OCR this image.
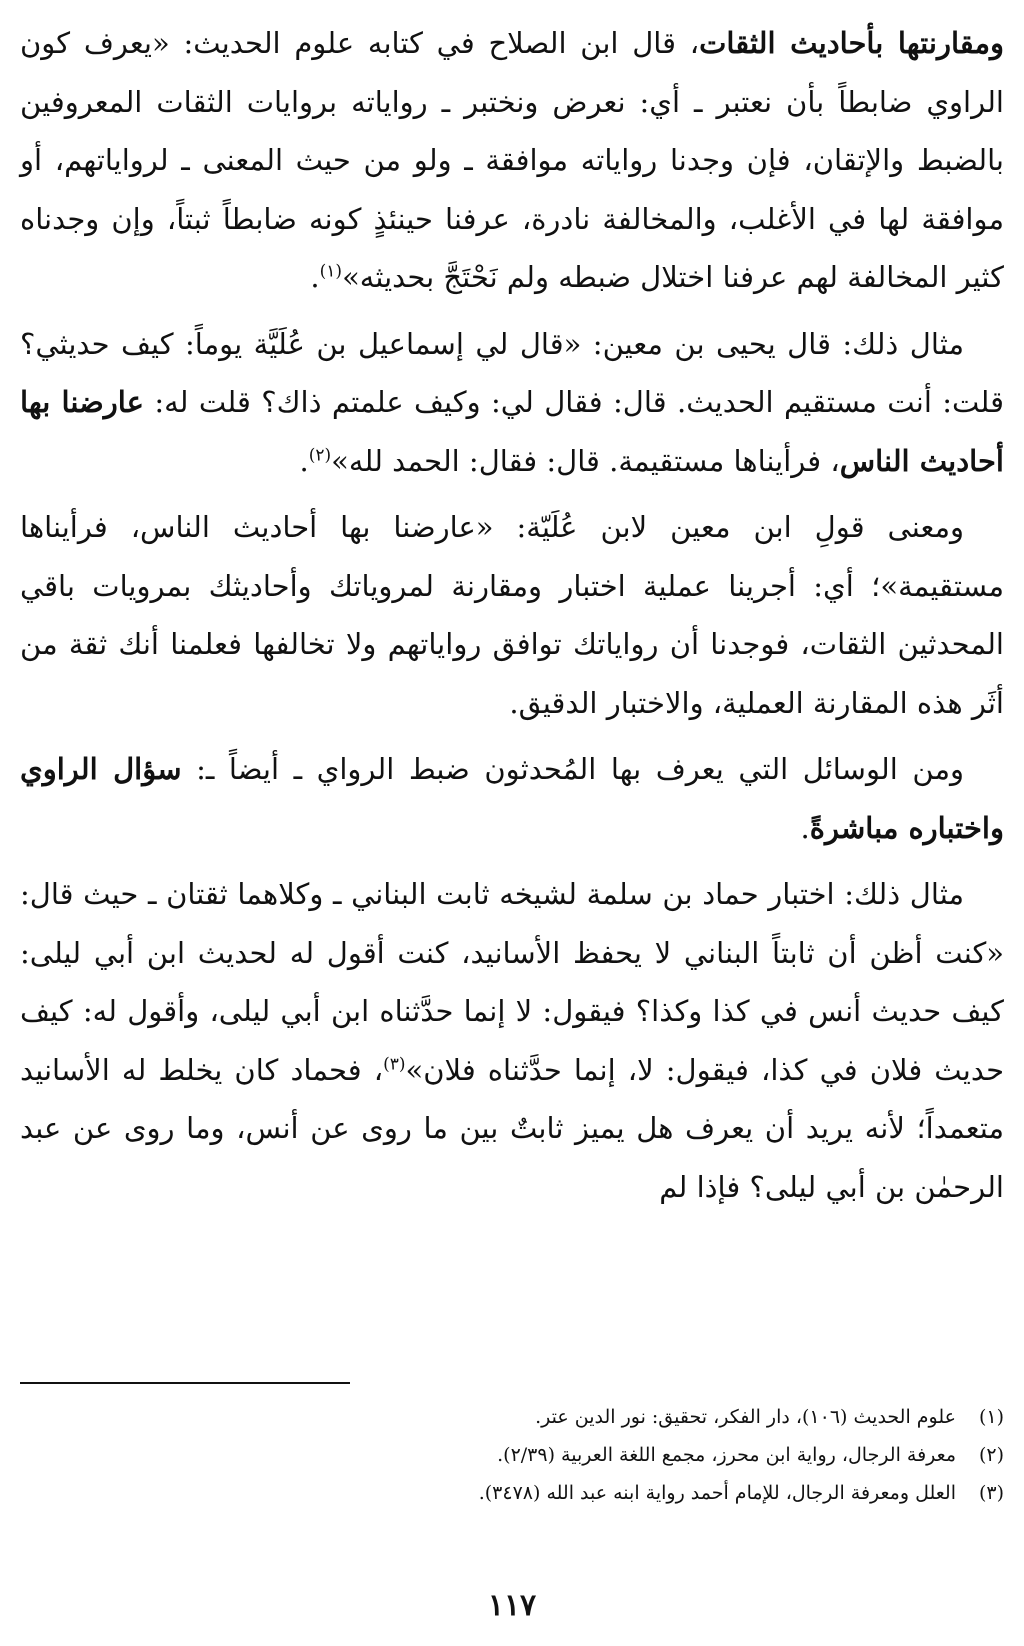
ومقارنتها بأحاديث الثقات، قال ابن الصلاح في كتابه علوم الحديث: «يعرف كون الراوي ضابطاً بأن نعتبر ـ أي: نعرض ونختبر ـ رواياته بروايات الثقات المعروفين بالضبط والإتقان، فإن وجدنا رواياته موافقة ـ ولو من حيث المعنى ـ لرواياتهم، أو موافقة لها في الأغلب، والمخالفة نادرة، عرفنا حينئذٍ كونه ضابطاً ثبتاً، وإن وجدناه كثير المخالفة لهم عرفنا اختلال ضبطه ولم نَحْتَجَّ بحديثه»$^{(١)}$.

مثال ذلك: قال يحيى بن معين: «قال لي إسماعيل بن عُلَيَّة يوماً: كيف حديثي؟ قلت: أنت مستقيم الحديث. قال: فقال لي: وكيف علمتم ذاك؟ قلت له: عارضنا بها أحاديث الناس، فرأيناها مستقيمة. قال: فقال: الحمد لله»$^{(٢)}$.

ومعنى قولِ ابن معين لابن عُلَيّة: «عارضنا بها أحاديث الناس، فرأيناها مستقيمة»؛ أي: أجرينا عملية اختبار ومقارنة لمروياتك وأحاديثك بمرويات باقي المحدثين الثقات، فوجدنا أن رواياتك توافق رواياتهم ولا تخالفها فعلمنا أنك ثقة من أثَر هذه المقارنة العملية، والاختبار الدقيق.

ومن الوسائل التي يعرف بها المُحدثون ضبط الرواي ـ أيضاً ـ: سؤال الراوي واختباره مباشرةً.

مثال ذلك: اختبار حماد بن سلمة لشيخه ثابت البناني ـ وكلاهما ثقتان ـ حيث قال: «كنت أظن أن ثابتاً البناني لا يحفظ الأسانيد، كنت أقول له لحديث ابن أبي ليلى: كيف حديث أنس في كذا وكذا؟ فيقول: لا إنما حدَّثناه ابن أبي ليلى، وأقول له: كيف حديث فلان في كذا، فيقول: لا، إنما حدَّثناه فلان»$^{(٣)}$، فحماد كان يخلط له الأسانيد متعمداً؛ لأنه يريد أن يعرف هل يميز ثابتٌ بين ما روى عن أنس، وما روى عن عبد الرحمٰن بن أبي ليلى؟ فإذا لم

(١)
علوم الحديث (١٠٦)، دار الفكر، تحقيق: نور الدين عتر.
(٢)
معرفة الرجال، رواية ابن محرز، مجمع اللغة العربية (٢/٣٩).
(٣)
العلل ومعرفة الرجال، للإمام أحمد رواية ابنه عبد الله (٣٤٧٨).
١١٧
